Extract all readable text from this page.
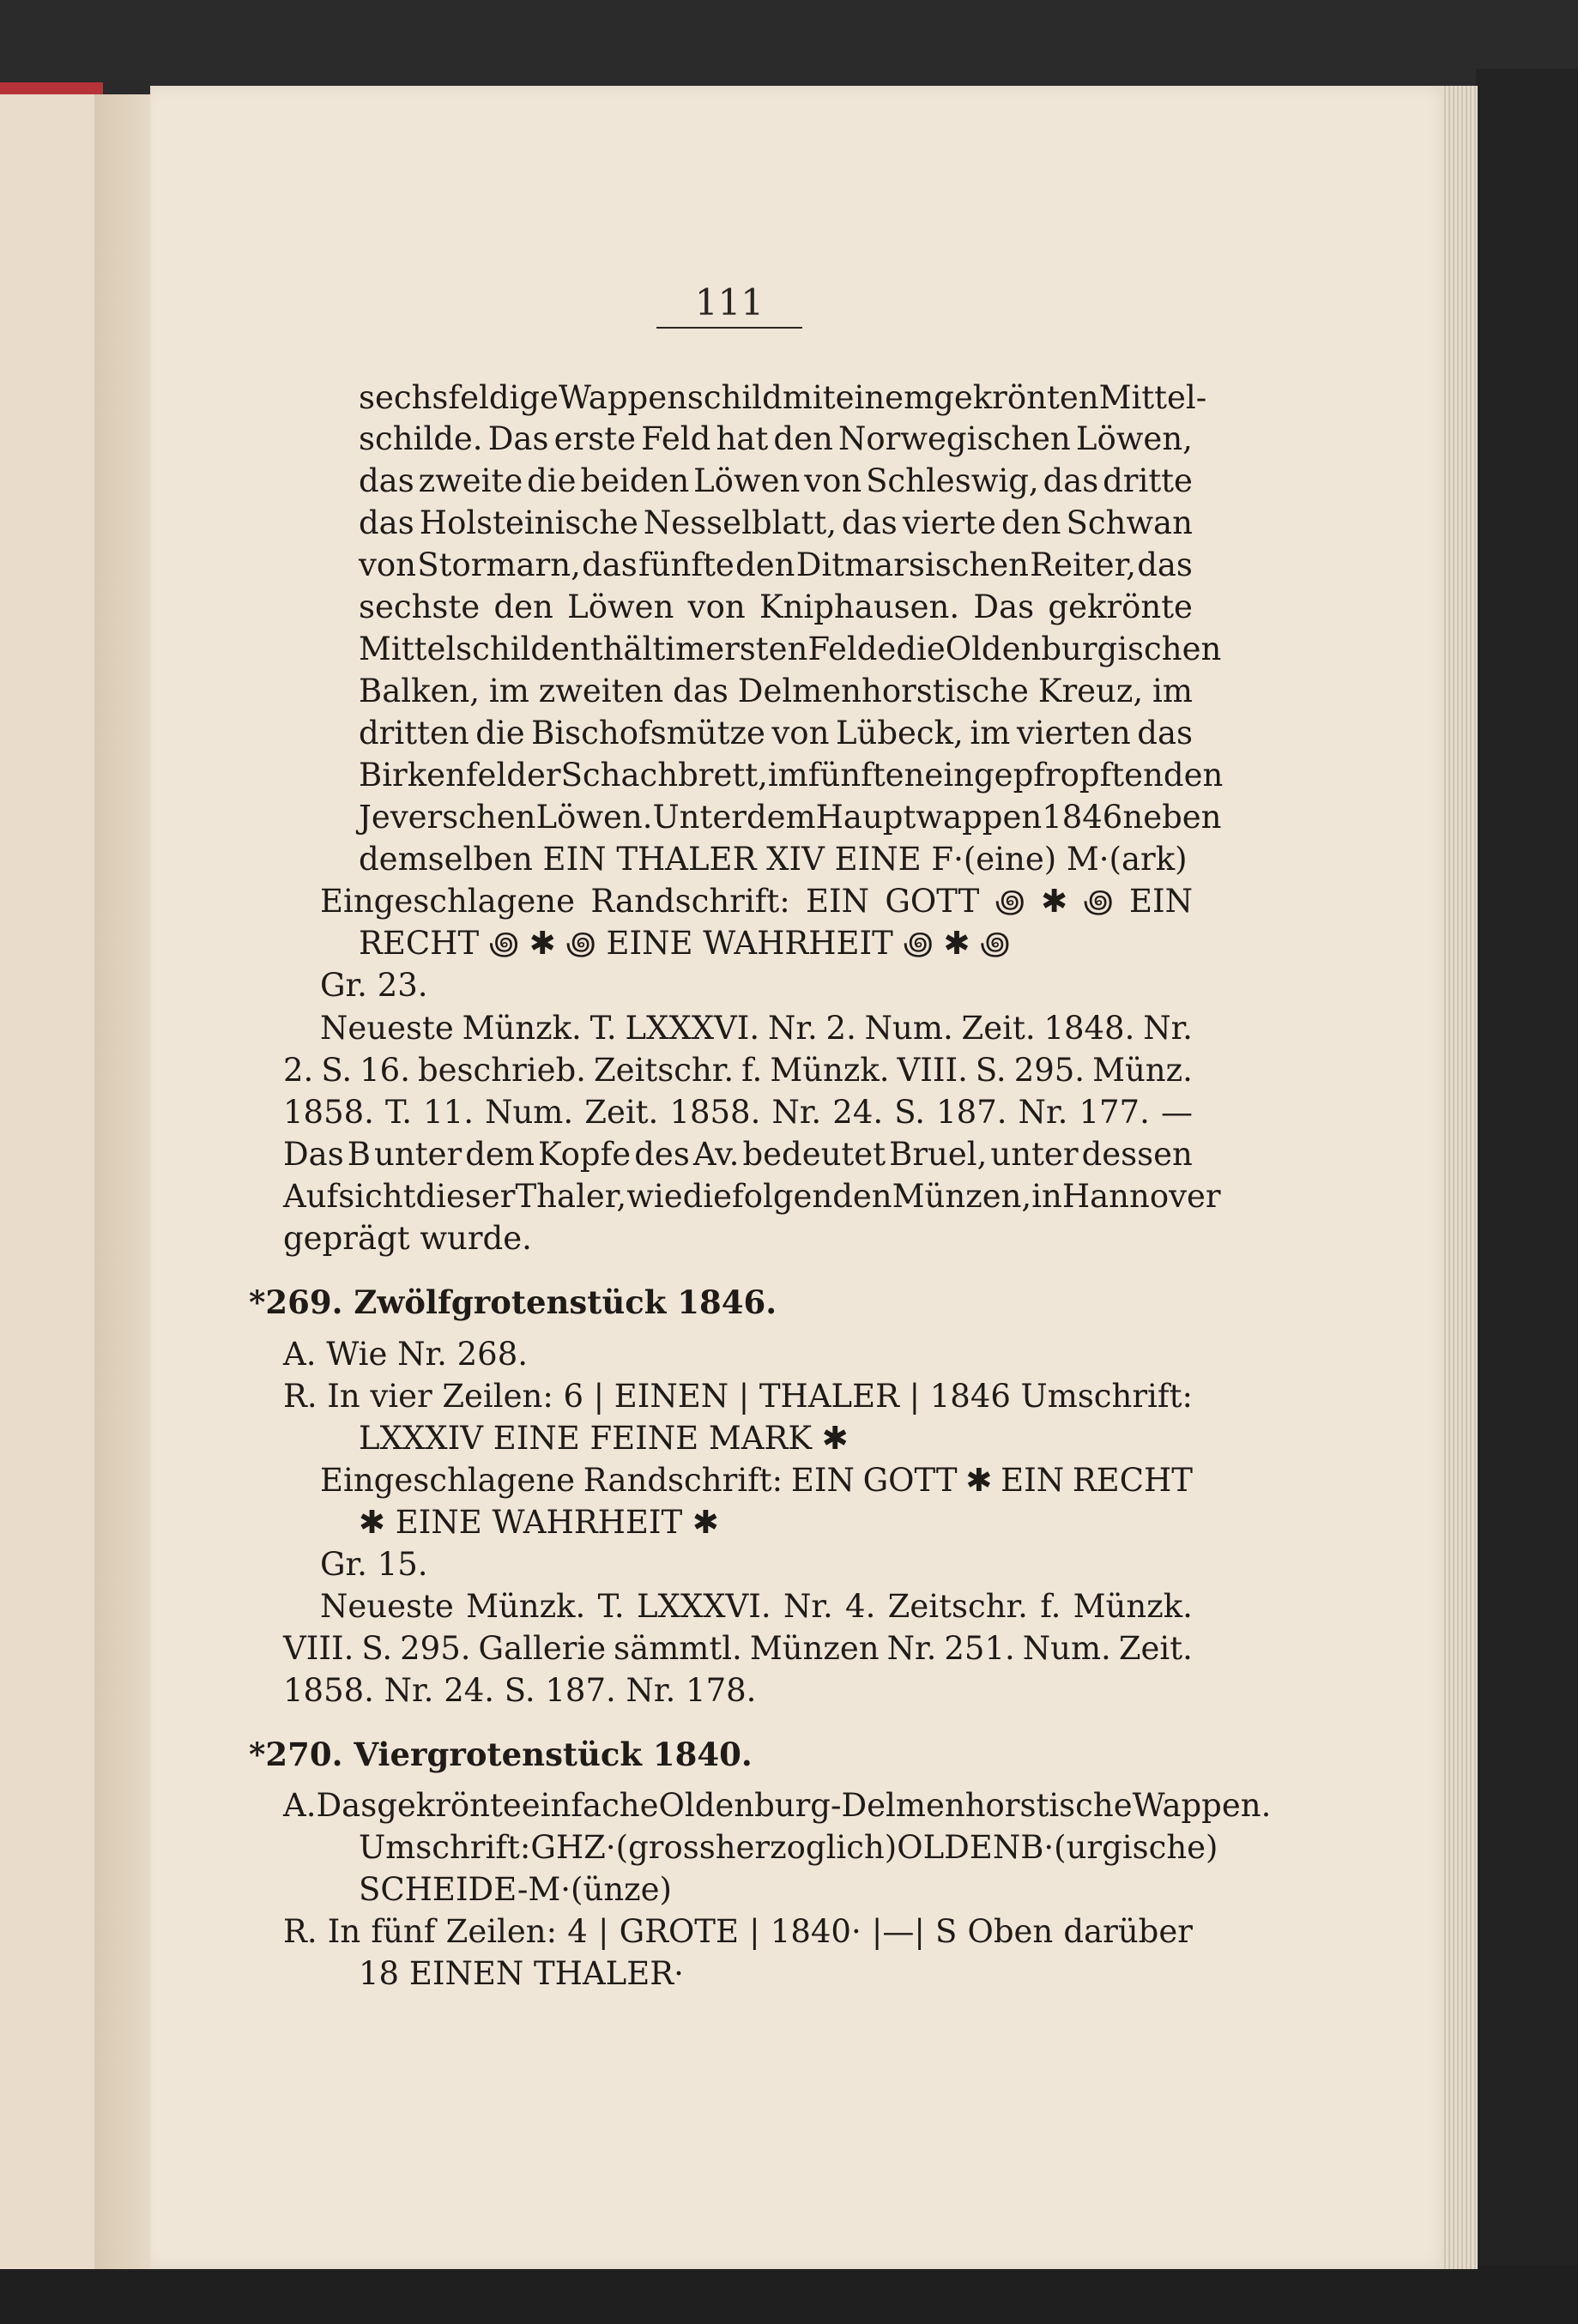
111
sechsfeldige Wappenschild mit einem gekrönten Mittel-
schilde. Das erste Feld hat den Norwegischen Löwen,
das zweite die beiden Löwen von Schleswig, das dritte
das Holsteinische Nesselblatt, das vierte den Schwan
von Stormarn, das fünfte den Ditmarsischen Reiter, das
sechste den Löwen von Kniphausen. Das gekrönte
Mittelschild enthält im ersten Felde die Oldenburgischen
Balken, im zweiten das Delmenhorstische Kreuz, im
dritten die Bischofsmütze von Lübeck, im vierten das
Birkenfelder Schachbrett, im fünften eingepfropften den
Jeverschen Löwen. Unter dem Hauptwappen 1846 neben
demselben EIN THALER XIV EINE F·(eine) M·(ark)
Eingeschlagene Randschrift: EIN GOTT ꩜ ✱ ꩜ EIN
RECHT ꩜ ✱ ꩜ EINE WAHRHEIT ꩜ ✱ ꩜
Gr. 23.
Neueste Münzk. T. LXXXVI. Nr. 2. Num. Zeit. 1848. Nr.
2. S. 16. beschrieb. Zeitschr. f. Münzk. VIII. S. 295. Münz.
1858. T. 11. Num. Zeit. 1858. Nr. 24. S. 187. Nr. 177. —
Das B unter dem Kopfe des Av. bedeutet Bruel, unter dessen
Aufsicht dieser Thaler, wie die folgenden Münzen, in Hannover
geprägt wurde.
*269. Zwölfgrotenstück 1846.
A. Wie Nr. 268.
R. In vier Zeilen: 6 | EINEN | THALER | 1846 Umschrift:
LXXXIV EINE FEINE MARK ✱
Eingeschlagene Randschrift: EIN GOTT ✱ EIN RECHT
✱ EINE WAHRHEIT ✱
Gr. 15.
Neueste Münzk. T. LXXXVI. Nr. 4. Zeitschr. f. Münzk.
VIII. S. 295. Gallerie sämmtl. Münzen Nr. 251. Num. Zeit.
1858. Nr. 24. S. 187. Nr. 178.
*270. Viergrotenstück 1840.
A. Das gekrönte einfache Oldenburg-Delmenhorstische Wappen.
Umschrift: GHZ·(grossherzoglich) OLDENB·(urgische)
SCHEIDE-M·(ünze)
R. In fünf Zeilen: 4 | GROTE | 1840· |—| S Oben darüber
18 EINEN THALER·
